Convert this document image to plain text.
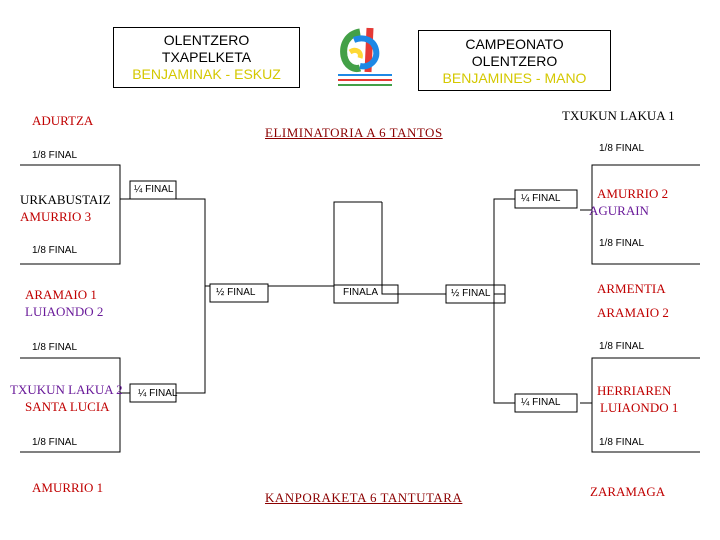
OLENTZERO
TXAPELKETA
BENJAMINAK - ESKUZ
CAMPEONATO
OLENTZERO
BENJAMINES - MANO
ELIMINATORIA A 6 TANTOS
KANPORAKETA 6 TANTUTARA
1/8 FINAL
1/8 FINAL
1/8 FINAL
1/8 FINAL
¼ FINAL
¼ FINAL
½ FINAL	FINALA
1/8 FINAL
1/8 FINAL
1/8 FINAL
1/8 FINAL
¼ FINAL
¼ FINAL
½ FINAL
ADURTZA
URKABUSTAIZ
AMURRIO 3
ARAMAIO 1
LUIAONDO 2
TXUKUN LAKUA 2
SANTA LUCIA
AMURRIO 1
TXUKUN LAKUA 1
AMURRIO 2
AGURAIN
ARMENTIA
ARAMAIO 2
HERRIAREN
LUIAONDO 1
ZARAMAGA
